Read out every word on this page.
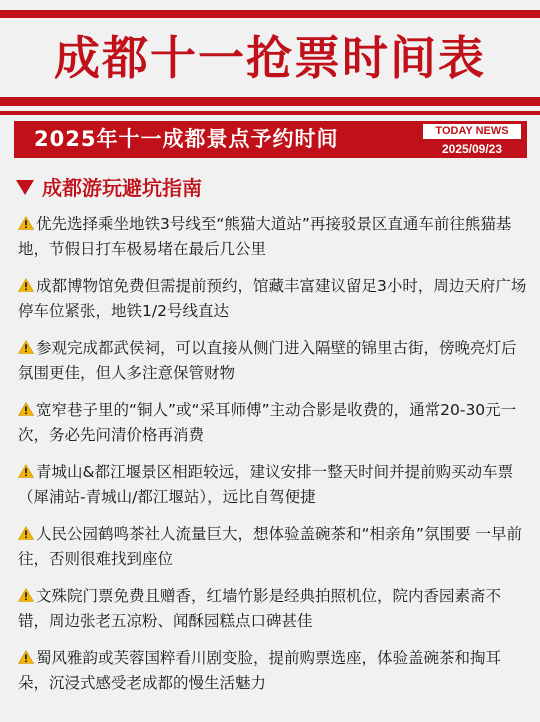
成都十一抢票时间表
2025年十一成都景点予约时间	TODAY NEWS
2025/09/23
成都游玩避坑指南
优先选择乘坐地铁3号线至“熊猫大道站”再接驳景区直通车前往熊猫基地，节假日打车极易堵在最后几公里
成都博物馆免费但需提前预约，馆藏丰富建议留足3小时，周边天府广场停车位紧张，地铁1/2号线直达
参观完成都武侯祠，可以直接从侧门进入隔壁的锦里古街，傍晚亮灯后氛围更佳，但人多注意保管财物
宽窄巷子里的“铜人”或“采耳师傅”主动合影是收费的，通常20-30元一次，务必先问清价格再消费
青城山&都江堰景区相距较远，建议安排一整天时间并提前购买动车票（犀浦站-青城山/都江堰站），远比自驾便捷
人民公园鹤鸣茶社人流量巨大，想体验盖碗茶和“相亲角”氛围要 一早前往，否则很难找到座位
文殊院门票免费且赠香，红墙竹影是经典拍照机位，院内香园素斋不错，周边张老五凉粉、闻酥园糕点口碑甚佳
蜀风雅韵或芙蓉国粹看川剧变脸，提前购票选座，体验盖碗茶和掏耳朵，沉浸式感受老成都的慢生活魅力
